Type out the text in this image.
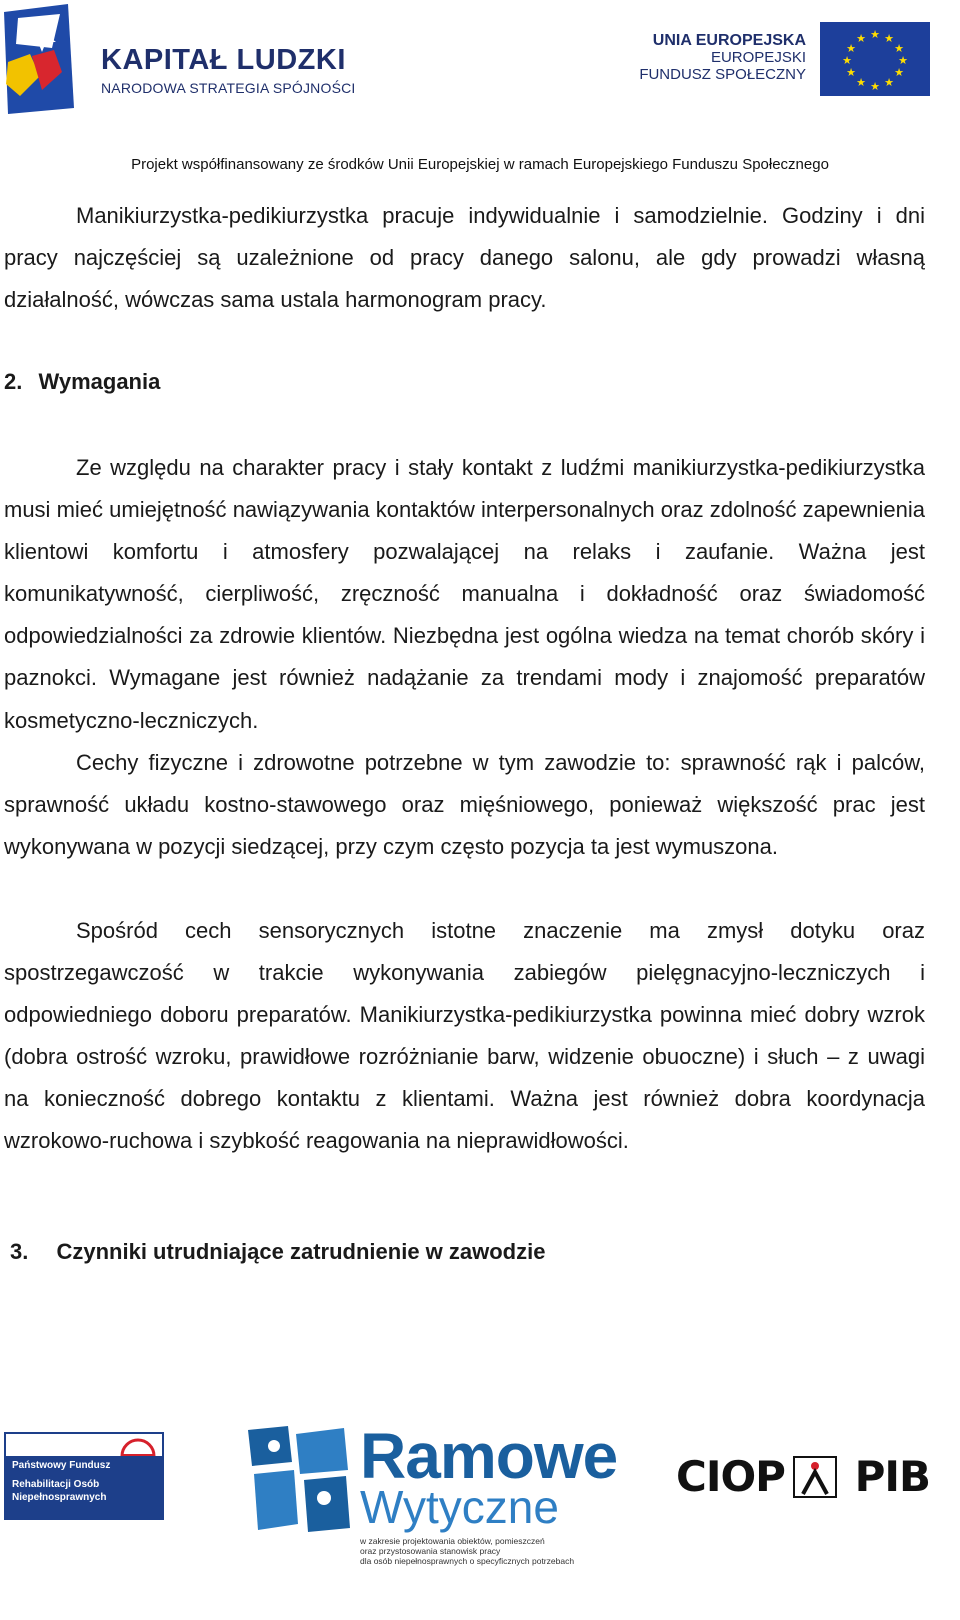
KAPITAŁ LUDZKI
NARODOWA STRATEGIA SPÓJNOŚCI
UNIA EUROPEJSKA
EUROPEJSKI
FUNDUSZ SPOŁECZNY
★ ★
★
★
★
★
★
★
★
★
★
★
Projekt współfinansowany ze środków Unii Europejskiej w ramach Europejskiego Funduszu Społecznego

Manikiurzystka-pedikiurzystka pracuje indywidualnie i samodzielnie. Godziny i dni pracy najczęściej są uzależnione od pracy danego salonu, ale gdy prowadzi własną działalność, wówczas sama ustala harmonogram pracy.

2. Wymagania

Ze względu na charakter pracy i stały kontakt z ludźmi manikiurzystka-pedikiurzystka musi mieć umiejętność nawiązywania kontaktów interpersonalnych oraz zdolność zapewnienia klientowi komfortu i atmosfery pozwalającej na relaks i zaufanie. Ważna jest komunikatywność, cierpliwość, zręczność manualna i dokładność oraz świadomość odpowiedzialności za zdrowie klientów. Niezbędna jest ogólna wiedza na temat chorób skóry i paznokci. Wymagane jest również nadążanie za trendami mody i znajomość preparatów kosmetyczno-leczniczych.

Cechy fizyczne i zdrowotne potrzebne w tym zawodzie to: sprawność rąk i palców, sprawność układu kostno-stawowego oraz mięśniowego, ponieważ większość prac jest wykonywana w pozycji siedzącej, przy czym często pozycja ta jest wymuszona.

Spośród cech sensorycznych istotne znaczenie ma zmysł dotyku oraz spostrzegawczość w trakcie wykonywania zabiegów pielęgnacyjno-leczniczych i odpowiedniego doboru preparatów. Manikiurzystka-pedikiurzystka powinna mieć dobry wzrok (dobra ostrość wzroku, prawidłowe rozróżnianie barw, widzenie obuoczne) i słuch – z uwagi na konieczność dobrego kontaktu z klientami. Ważna jest również dobra koordynacja wzrokowo-ruchowa i szybkość reagowania na nieprawidłowości.

3. Czynniki utrudniające zatrudnienie w zawodzie
Państwowy Fundusz
Rehabilitacji Osób
Niepełnosprawnych
Ramowe
Wytyczne
w zakresie projektowania obiektów, pomieszczeń
oraz przystosowania stanowisk pracy
dla osób niepełnosprawnych o specyficznych potrzebach
CIOP PIB
